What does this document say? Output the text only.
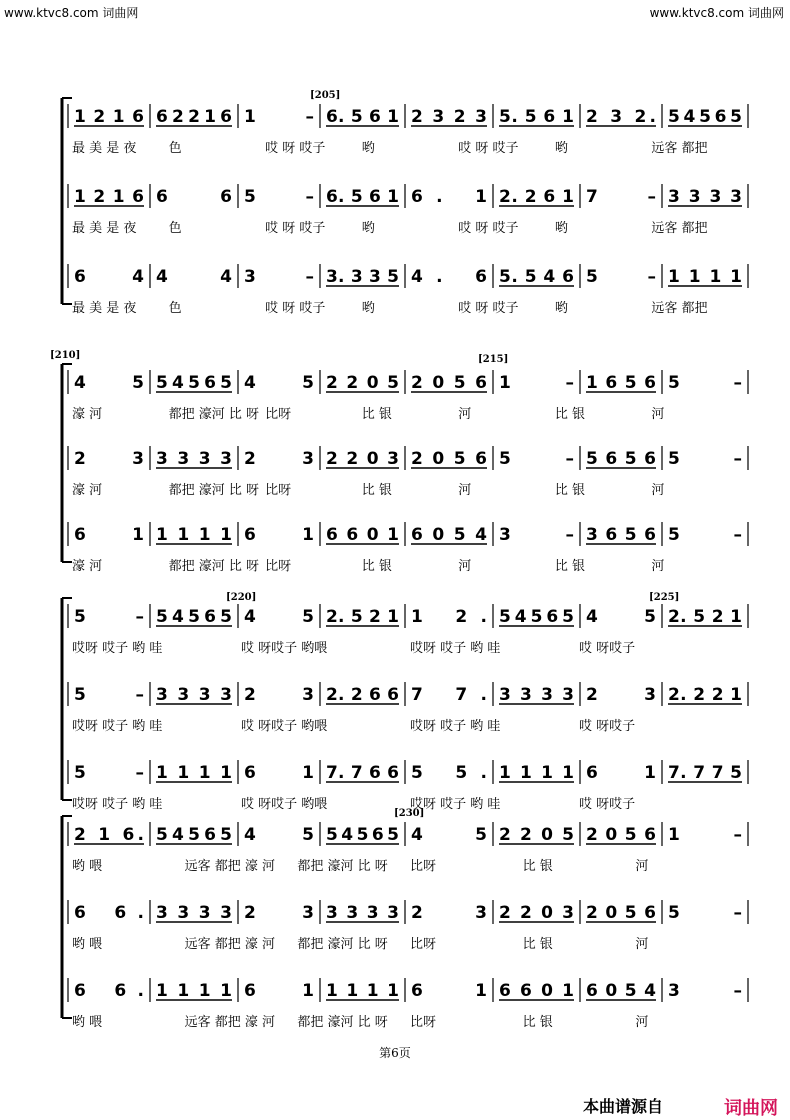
www.ktvc8.com 词曲网	www.ktvc8.com 词曲网
[205]
[210]	[215]
[220]	[225]
[230]
1 2 1 6 6 2 2 1 6 1 – 6. 5 6 1 2 3 2 3 5. 5 6 1 2 3 2. 5 4 5 6 5
最 美 是 夜 色	哎 呀 哎子	哟	哎 呀 哎子	哟	远客 都把
1 2 1 6 6 6 5 – 6. 5 6 1 6. 1 2. 2 6 1 7 – 3 3 3 3
最 美 是 夜 色	哎 呀 哎子	哟	哎 呀 哎子	哟	远客 都把
6 4 4 4 3 – 3. 3 3 5 4. 6 5. 5 4 6 5 – 1 1 1 1
最 美 是 夜 色	哎 呀 哎子	哟	哎 呀 哎子	哟	远客 都把
4 5 5 4 5 6 5 4 5 2 2 0 5 2 0 5 6 1 – 1 6 5 6 5 –
濠 河	都把 濠河 比 呀 比呀	比 银	河	比 银	河
2 3 3 3 3 3 2 3 2 2 0 3 2 0 5 6 5 – 5 6 5 6 5 –
濠 河	都把 濠河 比 呀 比呀	比 银	河	比 银	河
6 1 1 1 1 1 6 1 6 6 0 1 6 0 5 4 3 – 3 6 5 6 5 –
濠 河	都把 濠河 比 呀 比呀	比 银	河	比 银	河
5 – 5 4 5 6 5 4 5 2. 5 2 1 1 2. 5 4 5 6 5 4 5 2. 5 2 1
哎呀 哎子 哟 哇	哎 呀哎子 哟喂	哎呀 哎子 哟 哇	哎 呀哎子
5 – 3 3 3 3 2 3 2. 2 6 6 7 7. 3 3 3 3 2 3 2. 2 2 1
哎呀 哎子 哟 哇	哎 呀哎子 哟喂	哎呀 哎子 哟 哇	哎 呀哎子
5 – 1 1 1 1 6 1 7. 7 6 6 5 5. 1 1 1 1 6 1 7. 7 7 5
哎呀 哎子 哟 哇	哎 呀哎子 哟喂	哎呀 哎子 哟 哇	哎 呀哎子
2 1 6. 5 4 5 6 5 4 5 5 4 5 6 5 4 5 2 2 0 5 2 0 5 6 1 –
哟 喂	远客 都把 濠 河 都把 濠河 比 呀 比呀	比 银	河
6 6. 3 3 3 3 2 3 3 3 3 3 2 3 2 2 0 3 2 0 5 6 5 –
哟 喂	远客 都把 濠 河 都把 濠河 比 呀 比呀	比 银	河
6 6. 1 1 1 1 6 1 1 1 1 1 6 1 6 6 0 1 6 0 5 4 3 –
哟 喂	远客 都把 濠 河 都把 濠河 比 呀 比呀	比 银	河
第6页
本曲谱源自	词曲网
